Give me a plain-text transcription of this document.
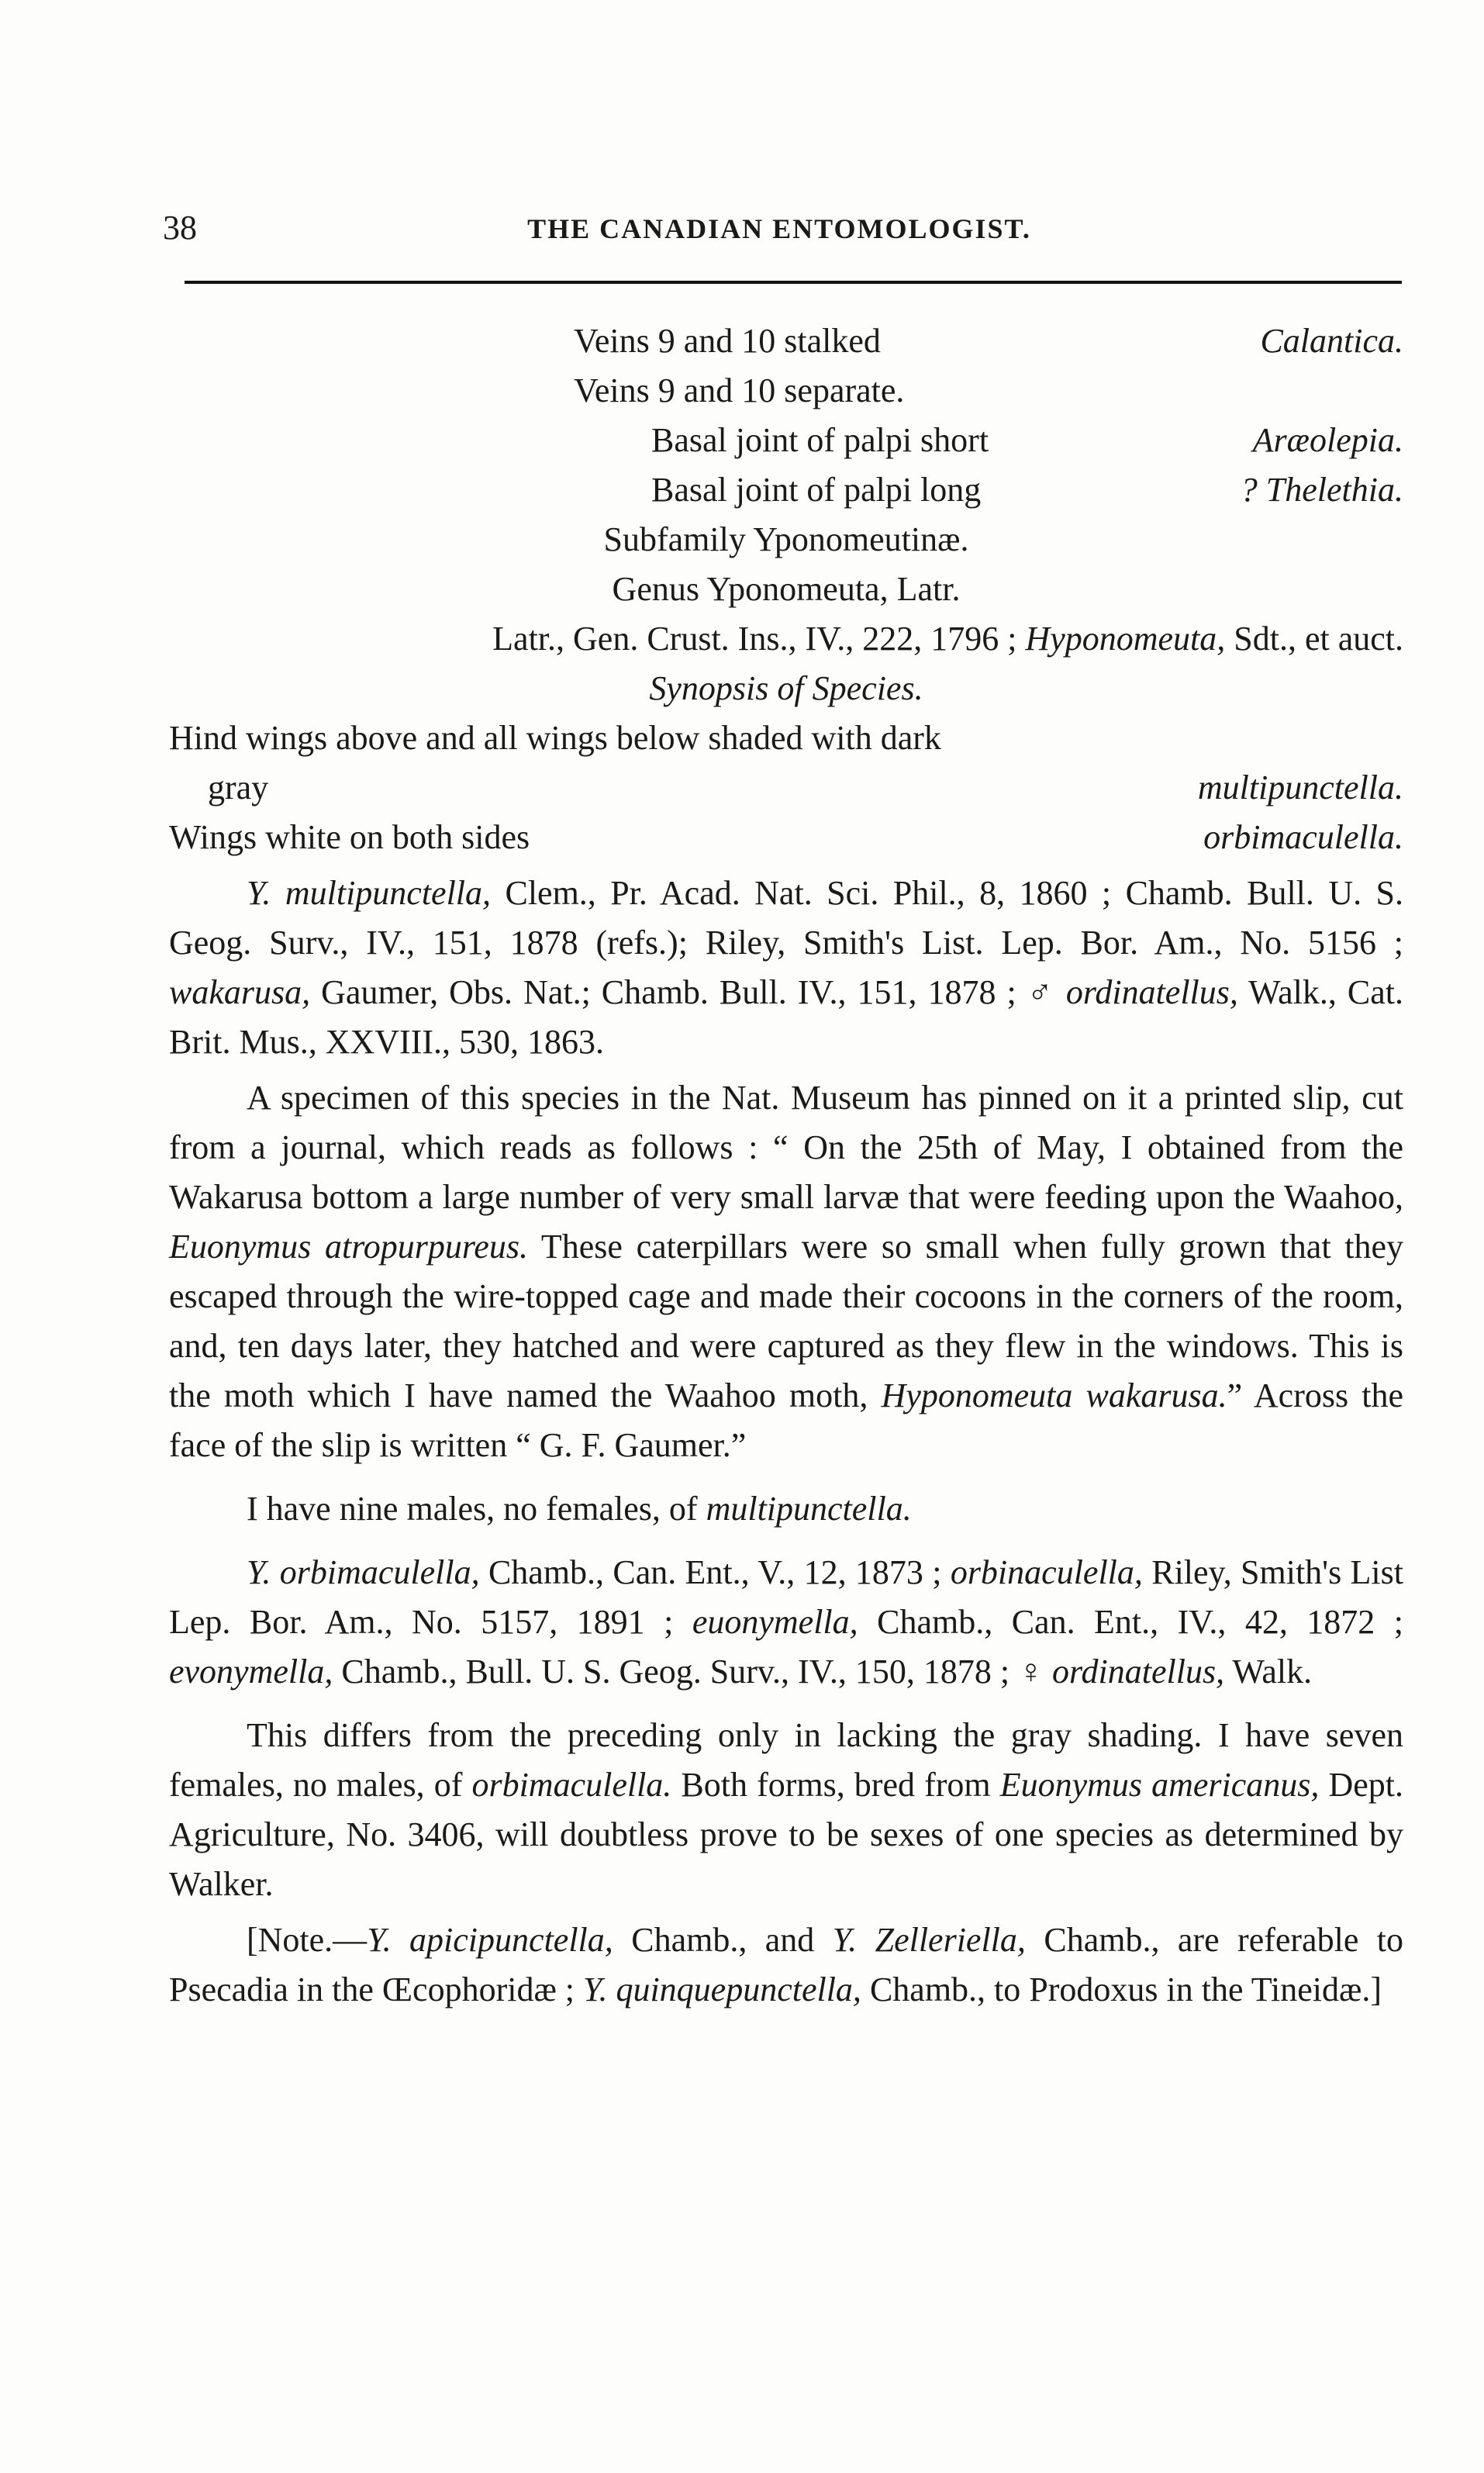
38	THE CANADIAN ENTOMOLOGIST.
Veins 9 and 10 stalked	Calantica.
Veins 9 and 10 separate.
Basal joint of palpi short	Aræolepia.
Basal joint of palpi long	? Thelethia.
Subfamily Yponomeutinæ.
Genus Yponomeuta, Latr.
Latr., Gen. Crust. Ins., IV., 222, 1796 ; Hyponomeuta, Sdt., et auct.
Synopsis of Species.
Hind wings above and all wings below shaded with dark
gray	multipunctella.
Wings white on both sides	orbimaculella.

Y. multipunctella, Clem., Pr. Acad. Nat. Sci. Phil., 8, 1860 ; Chamb. Bull. U. S. Geog. Surv., IV., 151, 1878 (refs.); Riley, Smith's List. Lep. Bor. Am., No. 5156 ; wakarusa, Gaumer, Obs. Nat.; Chamb. Bull. IV., 151, 1878 ; ♂ ordinatellus, Walk., Cat. Brit. Mus., XXVIII., 530, 1863.

A specimen of this species in the Nat. Museum has pinned on it a printed slip, cut from a journal, which reads as follows : “ On the 25th of May, I obtained from the Wakarusa bottom a large number of very small larvæ that were feeding upon the Waahoo, Euonymus atropurpureus. These caterpillars were so small when fully grown that they escaped through the wire-topped cage and made their cocoons in the corners of the room, and, ten days later, they hatched and were captured as they flew in the windows. This is the moth which I have named the Waahoo moth, Hyponomeuta wakarusa.” Across the face of the slip is written “ G. F. Gaumer.”

I have nine males, no females, of multipunctella.

Y. orbimaculella, Chamb., Can. Ent., V., 12, 1873 ; orbinaculella, Riley, Smith's List Lep. Bor. Am., No. 5157, 1891 ; euonymella, Chamb., Can. Ent., IV., 42, 1872 ; evonymella, Chamb., Bull. U. S. Geog. Surv., IV., 150, 1878 ; ♀ ordinatellus, Walk.

This differs from the preceding only in lacking the gray shading. I have seven females, no males, of orbimaculella. Both forms, bred from Euonymus americanus, Dept. Agriculture, No. 3406, will doubtless prove to be sexes of one species as determined by Walker.

[Note.—Y. apicipunctella, Chamb., and Y. Zelleriella, Chamb., are referable to Psecadia in the Œcophoridæ ; Y. quinquepunctella, Chamb., to Prodoxus in the Tineidæ.]
